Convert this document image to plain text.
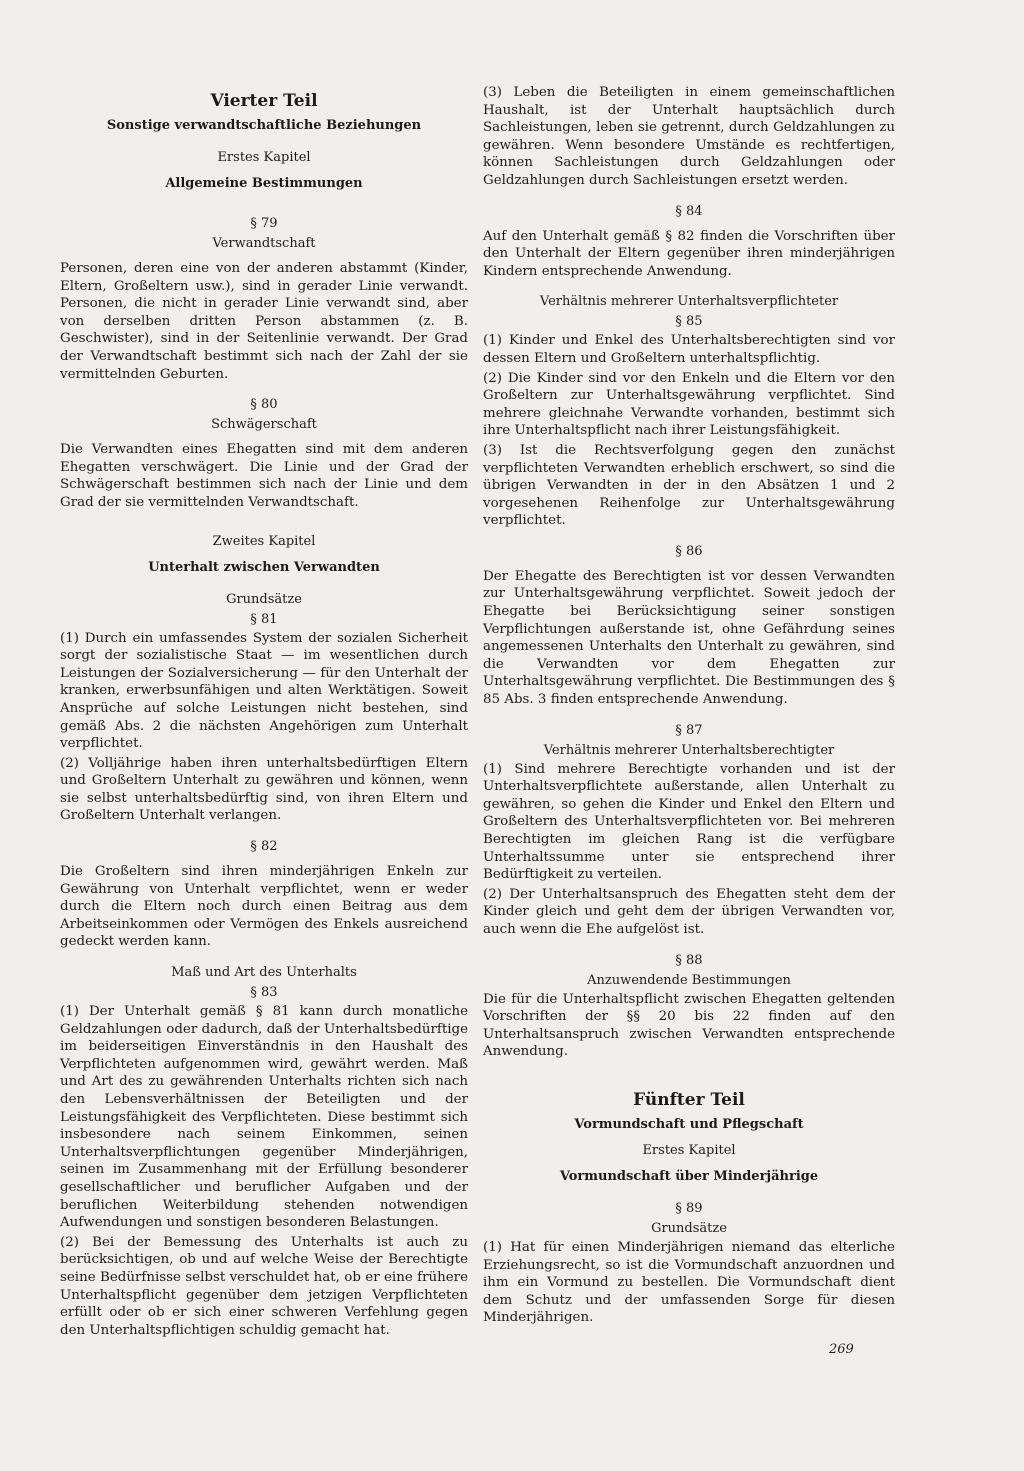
Vierter Teil
Sonstige verwandtschaftliche Beziehungen
Erstes Kapitel
Allgemeine Bestimmungen
§ 79
Verwandtschaft

Personen, deren eine von der anderen abstammt (Kinder, Eltern, Großeltern usw.), sind in gerader Linie verwandt. Personen, die nicht in gerader Linie verwandt sind, aber von derselben dritten Person abstammen (z. B. Geschwister), sind in der Seitenlinie verwandt. Der Grad der Verwandtschaft bestimmt sich nach der Zahl der sie vermittelnden Geburten.

§ 80
Schwägerschaft

Die Verwandten eines Ehegatten sind mit dem anderen Ehegatten verschwägert. Die Linie und der Grad der Schwägerschaft bestimmen sich nach der Linie und dem Grad der sie vermittelnden Verwandtschaft.

Zweites Kapitel
Unterhalt zwischen Verwandten
Grundsätze
§ 81

(1) Durch ein umfassendes System der sozialen Sicherheit sorgt der sozialistische Staat — im wesentlichen durch Leistungen der Sozialversicherung — für den Unterhalt der kranken, erwerbsunfähigen und alten Werktätigen. Soweit Ansprüche auf solche Leistungen nicht bestehen, sind gemäß Abs. 2 die nächsten Angehörigen zum Unterhalt verpflichtet.

(2) Volljährige haben ihren unterhaltsbedürftigen Eltern und Großeltern Unterhalt zu gewähren und können, wenn sie selbst unterhaltsbedürftig sind, von ihren Eltern und Großeltern Unterhalt verlangen.

§ 82

Die Großeltern sind ihren minderjährigen Enkeln zur Gewährung von Unterhalt verpflichtet, wenn er weder durch die Eltern noch durch einen Beitrag aus dem Arbeitseinkommen oder Vermögen des Enkels ausreichend gedeckt werden kann.

Maß und Art des Unterhalts
§ 83

(1) Der Unterhalt gemäß § 81 kann durch monatliche Geldzahlungen oder dadurch, daß der Unterhaltsbedürftige im beiderseitigen Einverständnis in den Haushalt des Verpflichteten aufgenommen wird, gewährt werden. Maß und Art des zu gewährenden Unterhalts richten sich nach den Lebensverhältnissen der Beteiligten und der Leistungsfähigkeit des Verpflichteten. Diese bestimmt sich insbesondere nach seinem Einkommen, seinen Unterhaltsverpflichtungen gegenüber Minderjährigen, seinen im Zusammenhang mit der Erfüllung besonderer gesellschaftlicher und beruflicher Aufgaben und der beruflichen Weiterbildung stehenden notwendigen Aufwendungen und sonstigen besonderen Belastungen.

(2) Bei der Bemessung des Unterhalts ist auch zu berücksichtigen, ob und auf welche Weise der Berechtigte seine Bedürfnisse selbst verschuldet hat, ob er eine frühere Unterhaltspflicht gegenüber dem jetzigen Verpflichteten erfüllt oder ob er sich einer schweren Verfehlung gegen den Unterhaltspflichtigen schuldig gemacht hat.

(3) Leben die Beteiligten in einem gemeinschaftlichen Haushalt, ist der Unterhalt hauptsächlich durch Sachleistungen, leben sie getrennt, durch Geldzahlungen zu gewähren. Wenn besondere Umstände es rechtfertigen, können Sachleistungen durch Geldzahlungen oder Geldzahlungen durch Sachleistungen ersetzt werden.

§ 84

Auf den Unterhalt gemäß § 82 finden die Vorschriften über den Unterhalt der Eltern gegenüber ihren minderjährigen Kindern entsprechende Anwendung.

Verhältnis mehrerer Unterhaltsverpflichteter
§ 85

(1) Kinder und Enkel des Unterhaltsberechtigten sind vor dessen Eltern und Großeltern unterhaltspflichtig.

(2) Die Kinder sind vor den Enkeln und die Eltern vor den Großeltern zur Unterhaltsgewährung verpflichtet. Sind mehrere gleichnahe Verwandte vorhanden, bestimmt sich ihre Unterhaltspflicht nach ihrer Leistungsfähigkeit.

(3) Ist die Rechtsverfolgung gegen den zunächst verpflichteten Verwandten erheblich erschwert, so sind die übrigen Verwandten in der in den Absätzen 1 und 2 vorgesehenen Reihenfolge zur Unterhaltsgewährung verpflichtet.

§ 86

Der Ehegatte des Berechtigten ist vor dessen Verwandten zur Unterhaltsgewährung verpflichtet. Soweit jedoch der Ehegatte bei Berücksichtigung seiner sonstigen Verpflichtungen außerstande ist, ohne Gefährdung seines angemessenen Unterhalts den Unterhalt zu gewähren, sind die Verwandten vor dem Ehegatten zur Unterhaltsgewährung verpflichtet. Die Bestimmungen des § 85 Abs. 3 finden entsprechende Anwendung.

§ 87
Verhältnis mehrerer Unterhaltsberechtigter

(1) Sind mehrere Berechtigte vorhanden und ist der Unterhaltsverpflichtete außerstande, allen Unterhalt zu gewähren, so gehen die Kinder und Enkel den Eltern und Großeltern des Unterhaltsverpflichteten vor. Bei mehreren Berechtigten im gleichen Rang ist die verfügbare Unterhaltssumme unter sie entsprechend ihrer Bedürftigkeit zu verteilen.

(2) Der Unterhaltsanspruch des Ehegatten steht dem der Kinder gleich und geht dem der übrigen Verwandten vor, auch wenn die Ehe aufgelöst ist.

§ 88
Anzuwendende Bestimmungen

Die für die Unterhaltspflicht zwischen Ehegatten geltenden Vorschriften der §§ 20 bis 22 finden auf den Unterhaltsanspruch zwischen Verwandten entsprechende Anwendung.

Fünfter Teil
Vormundschaft und Pflegschaft
Erstes Kapitel
Vormundschaft über Minderjährige
§ 89
Grundsätze

(1) Hat für einen Minderjährigen niemand das elterliche Erziehungsrecht, so ist die Vormundschaft anzuordnen und ihm ein Vormund zu bestellen. Die Vormundschaft dient dem Schutz und der umfassenden Sorge für diesen Minderjährigen.

269
